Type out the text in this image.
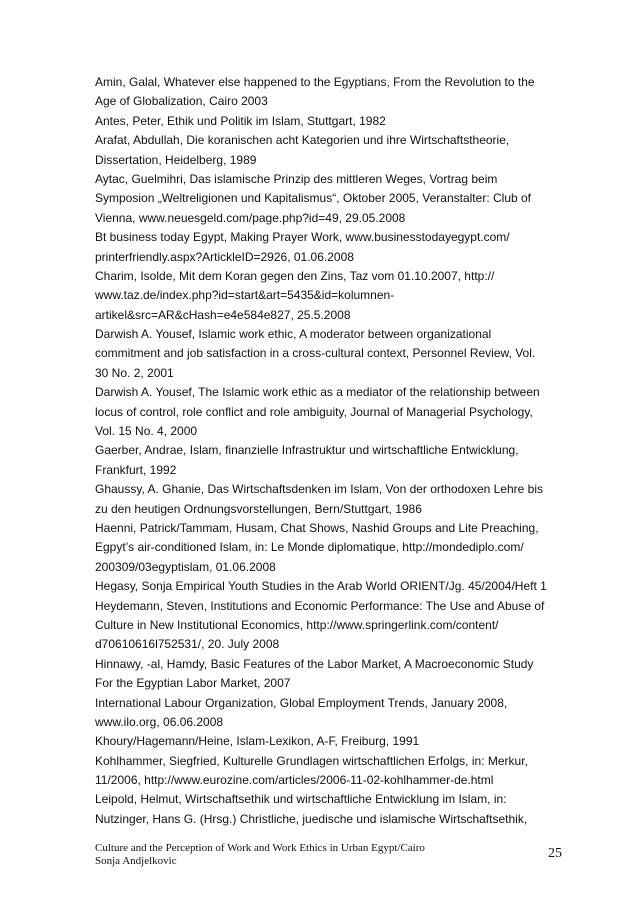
Amin, Galal, Whatever else happened to the Egyptians, From the Revolution to the
Age of Globalization, Cairo 2003
Antes, Peter, Ethik und Politik im Islam, Stuttgart, 1982
Arafat, Abdullah, Die koranischen acht Kategorien und ihre Wirtschaftstheorie,
Dissertation, Heidelberg, 1989
Aytac, Guelmihri, Das islamische Prinzip des mittleren Weges, Vortrag beim
Symposion „Weltreligionen und Kapitalismus“, Oktober 2005, Veranstalter: Club of
Vienna, www.neuesgeld.com/page.php?id=49, 29.05.2008
Bt business today Egypt, Making Prayer Work, www.businesstodayegypt.com/
printerfriendly.aspx?ArtickleID=2926, 01.06.2008
Charim, Isolde, Mit dem Koran gegen den Zins, Taz vom 01.10.2007, http://
www.taz.de/index.php?id=start&art=5435&id=kolumnen-
artikel&src=AR&cHash=e4e584e827, 25.5.2008
Darwish A. Yousef, Islamic work ethic, A moderator between organizational
commitment and job satisfaction in a cross-cultural context, Personnel Review, Vol.
30 No. 2, 2001
Darwish A. Yousef, The Islamic work ethic as a mediator of the relationship between
locus of control, role conflict and role ambiguity, Journal of Managerial Psychology,
Vol. 15 No. 4, 2000
Gaerber, Andrae, Islam, finanzielle Infrastruktur und wirtschaftliche Entwicklung,
Frankfurt, 1992
Ghaussy, A. Ghanie, Das Wirtschaftsdenken im Islam, Von der orthodoxen Lehre bis
zu den heutigen Ordnungsvorstellungen, Bern/Stuttgart, 1986
Haenni, Patrick/Tammam, Husam, Chat Shows, Nashid Groups and Lite Preaching,
Egpyt’s air-conditioned Islam, in: Le Monde diplomatique, http://mondediplo.com/
200309/03egyptislam, 01.06.2008
Hegasy, Sonja Empirical Youth Studies in the Arab World ORIENT/Jg. 45/2004/Heft 1
Heydemann, Steven, Institutions and Economic Performance: The Use and Abuse of
Culture in New Institutional Economics, http://www.springerlink.com/content/
d70610616l752531/, 20. July 2008
Hinnawy, -al, Hamdy, Basic Features of the Labor Market, A Macroeconomic Study
For the Egyptian Labor Market, 2007
International Labour Organization, Global Employment Trends, January 2008,
www.ilo.org, 06.06.2008
Khoury/Hagemann/Heine, Islam-Lexikon, A-F, Freiburg, 1991
Kohlhammer, Siegfried, Kulturelle Grundlagen wirtschaftlichen Erfolgs, in: Merkur,
11/2006, http://www.eurozine.com/articles/2006-11-02-kohlhammer-de.html
Leipold, Helmut, Wirtschaftsethik und wirtschaftliche Entwicklung im Islam, in:
Nutzinger, Hans G. (Hrsg.) Christliche, juedische und islamische Wirtschaftsethik,
Culture and the Perception of Work and Work Ethics in Urban Egypt/Cairo
Sonja Andjelkovic	25
